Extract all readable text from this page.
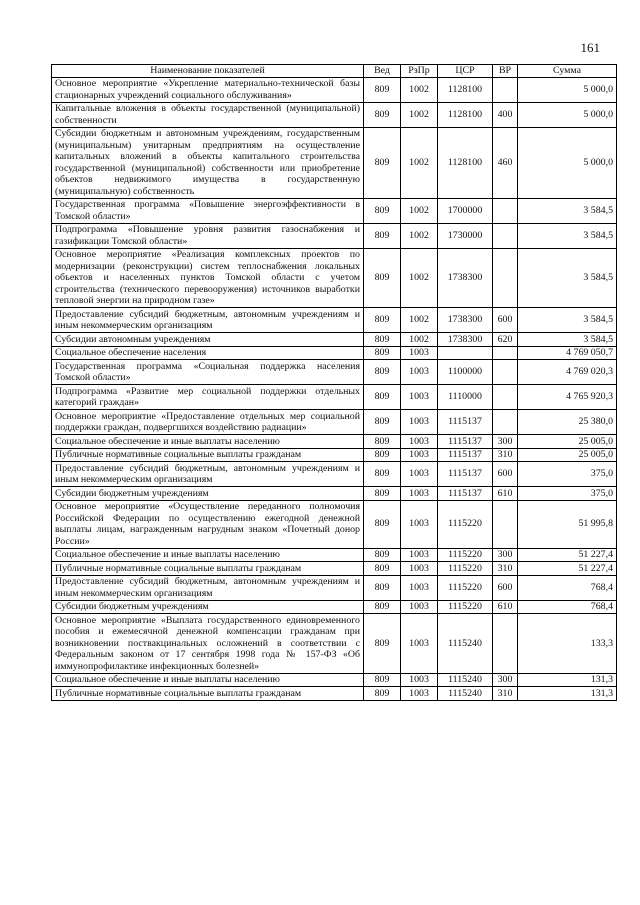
161
Наименование показателей	Вед	РзПр	ЦСР	ВР	Сумма
Основное мероприятие «Укрепление материально-технической базы стационарных учреждений социального обслуживания»	809	1002	1128100		5 000,0
Капитальные вложения в объекты государственной (муниципальной) собственности	809	1002	1128100	400	5 000,0
Субсидии бюджетным и автономным учреждениям, государственным (муниципальным) унитарным предприятиям на осуществление капитальных вложений в объекты капитального строительства государственной (муниципальной) собственности или приобретение объектов недвижимого имущества в государственную (муниципальную) собственность	809	1002	1128100	460	5 000,0
Государственная программа «Повышение энергоэффективности в Томской области»	809	1002	1700000		3 584,5
Подпрограмма «Повышение уровня развития газоснабжения и газификации Томской области»	809	1002	1730000		3 584,5
Основное мероприятие «Реализация комплексных проектов по модернизации (реконструкции) систем теплоснабжения локальных объектов и населенных пунктов Томской области с учетом строительства (технического перевооружения) источников выработки тепловой энергии на природном газе»	809	1002	1738300		3 584,5
Предоставление субсидий бюджетным, автономным учреждениям и иным некоммерческим организациям	809	1002	1738300	600	3 584,5
Субсидии автономным учреждениям	809	1002	1738300	620	3 584,5
Социальное обеспечение населения	809	1003			4 769 050,7
Государственная программа «Социальная поддержка населения Томской области»	809	1003	1100000		4 769 020,3
Подпрограмма «Развитие мер социальной поддержки отдельных категорий граждан»	809	1003	1110000		4 765 920,3
Основное мероприятие «Предоставление отдельных мер социальной поддержки граждан, подвергшихся воздействию радиации»	809	1003	1115137		25 380,0
Социальное обеспечение и иные выплаты населению	809	1003	1115137	300	25 005,0
Публичные нормативные социальные выплаты гражданам	809	1003	1115137	310	25 005,0
Предоставление субсидий бюджетным, автономным учреждениям и иным некоммерческим организациям	809	1003	1115137	600	375,0
Субсидии бюджетным учреждениям	809	1003	1115137	610	375,0
Основное мероприятие «Осуществление переданного полномочия Российской Федерации по осуществлению ежегодной денежной выплаты лицам, награжденным нагрудным знаком «Почетный донор России»	809	1003	1115220		51 995,8
Социальное обеспечение и иные выплаты населению	809	1003	1115220	300	51 227,4
Публичные нормативные социальные выплаты гражданам	809	1003	1115220	310	51 227,4
Предоставление субсидий бюджетным, автономным учреждениям и иным некоммерческим организациям	809	1003	1115220	600	768,4
Субсидии бюджетным учреждениям	809	1003	1115220	610	768,4
Основное мероприятие «Выплата государственного единовременного пособия и ежемесячной денежной компенсации гражданам при возникновении поствакцинальных осложнений в соответствии с Федеральным законом от 17 сентября 1998 года № 157-ФЗ «Об иммунопрофилактике инфекционных болезней»	809	1003	1115240		133,3
Социальное обеспечение и иные выплаты населению	809	1003	1115240	300	131,3
Публичные нормативные социальные выплаты гражданам	809	1003	1115240	310	131,3
